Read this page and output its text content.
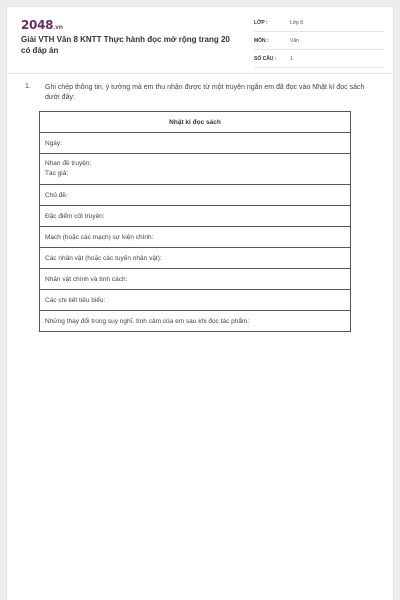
2048.vn
Giải VTH Văn 8 KNTT Thực hành đọc mở rộng trang 20 có đáp án
LỚP :	Lớp 8
MÔN :	Văn
SỐ CÂU :	1
1. Ghi chép thông tin, ý tưởng mà em thu nhận được từ một truyện ngắn em đã đọc vào Nhật kí đọc sách dưới đây:
Nhật kí đọc sách
Ngày:

Nhan đề truyện:
Tác giả:

Chủ đề:
Đặc điểm cốt truyện:
Mạch (hoặc các mạch) sự kiện chính:
Các nhân vật (hoặc các tuyến nhân vật):
Nhân vật chính và tính cách:
Các chi tiết tiêu biểu:
Những thay đổi trong suy nghĩ, tình cảm của em sau khi đọc tác phẩm:
